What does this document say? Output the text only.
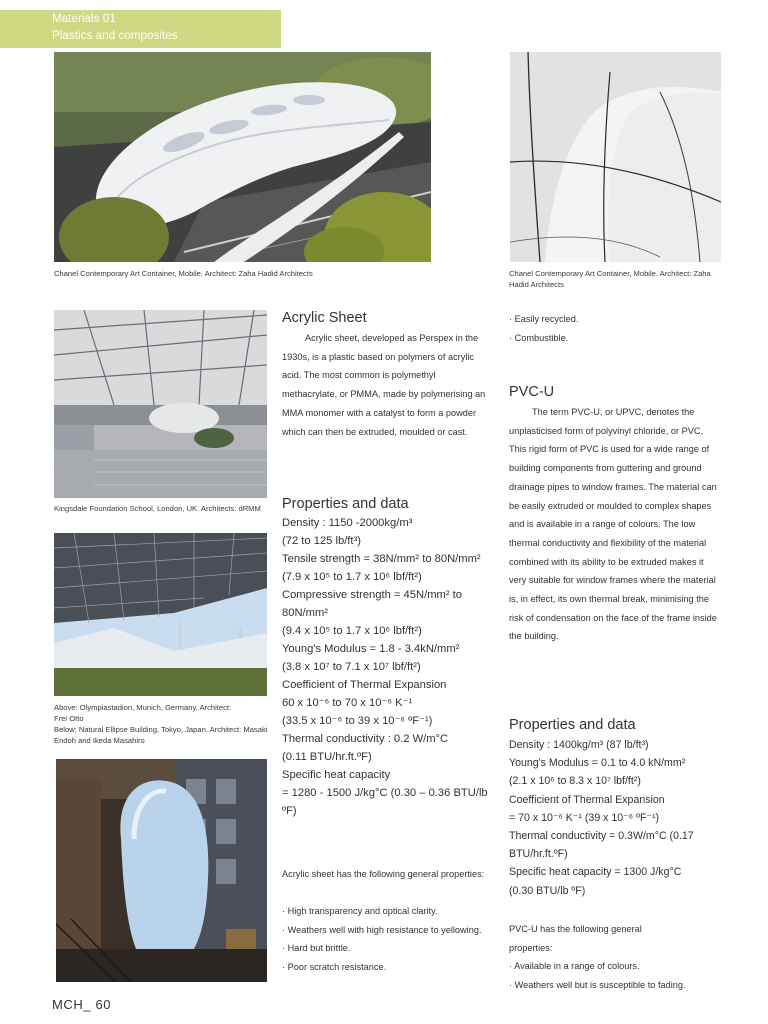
Materials 01
Plastics and composites
Chanel Contemporary Art Container, Mobile. Architect: Zaha Hadid Architects	Chanel Contemporary Art Container, Mobile. Architect: Zaha Hadid Architects
Kingsdale Foundation School, London, UK. Architects: dRMM
Above: Olympiastadion, Munich, Germany. Architect:
Frei Otto
Below: Natural Ellipse Building, Tokyo, Japan. Architect: Masaki Endoh and Ikeda Masahiro
Acrylic Sheet

Acrylic sheet, developed as Perspex in the 1930s, is a plastic based on polymers of acrylic acid. The most common is polymethyl methacrylate, or PMMA, made by polymerising an MMA monomer with a catalyst to form a powder which can then be extruded, moulded or cast.

Properties and data
Density : 1150 -2000kg/m³
(72 to 125 lb/ft³)
Tensile strength = 38N/mm² to 80N/mm²
(7.9 x 10⁵ to 1.7 x 10⁶ lbf/ft²)
Compressive strength = 45N/mm² to 80N/mm²
(9.4 x 10⁵ to 1.7 x 10⁶ lbf/ft²)
Young's Modulus = 1.8 - 3.4kN/mm²
(3.8 x 10⁷ to 7.1 x 10⁷ lbf/ft²)
Coefficient of Thermal Expansion
60 x 10⁻⁶ to 70 x 10⁻⁶ K⁻¹
(33.5 x 10⁻⁶ to 39 x 10⁻⁶ ºF⁻¹)
Thermal conductivity : 0.2 W/m°C
(0.11 BTU/hr.ft.ºF)
Specific heat capacity
= 1280 - 1500 J/kg°C (0.30 – 0.36 BTU/lb ºF)

Acrylic sheet has the following general properties:

· High transparency and optical clarity.
· Weathers well with high resistance to yellowing.
· Hard but brittle.
· Poor scratch resistance.
· Easily recycled.
· Combustible.
PVC-U

The term PVC-U, or UPVC, denotes the unplasticised form of polyvinyl chloride, or PVC. This rigid form of PVC is used for a wide range of building components from guttering and ground drainage pipes to window frames. The material can be easily extruded or moulded to complex shapes and is available in a range of colours. The low thermal conductivity and flexibility of the material combined with its ability to be extruded makes it very suitable for window frames where the material is, in effect, its own thermal break, minimising the risk of condensation on the face of the frame inside the building.

Properties and data
Density : 1400kg/m³ (87 lb/ft³)
Young's Modulus = 0.1 to 4.0 kN/mm²
(2.1 x 10⁶ to 8.3 x 10⁷ lbf/ft²)
Coefficient of Thermal Expansion
= 70 x 10⁻⁶ K⁻¹ (39 x 10⁻⁶ ºF⁻¹)
Thermal conductivity = 0.3W/m°C (0.17 BTU/hr.ft.ºF)
Specific heat capacity = 1300 J/kg°C
(0.30 BTU/lb ºF)

PVC-U has the following general properties:

· Available in a range of colours.
· Weathers well but is susceptible to fading.
MCH_ 60
